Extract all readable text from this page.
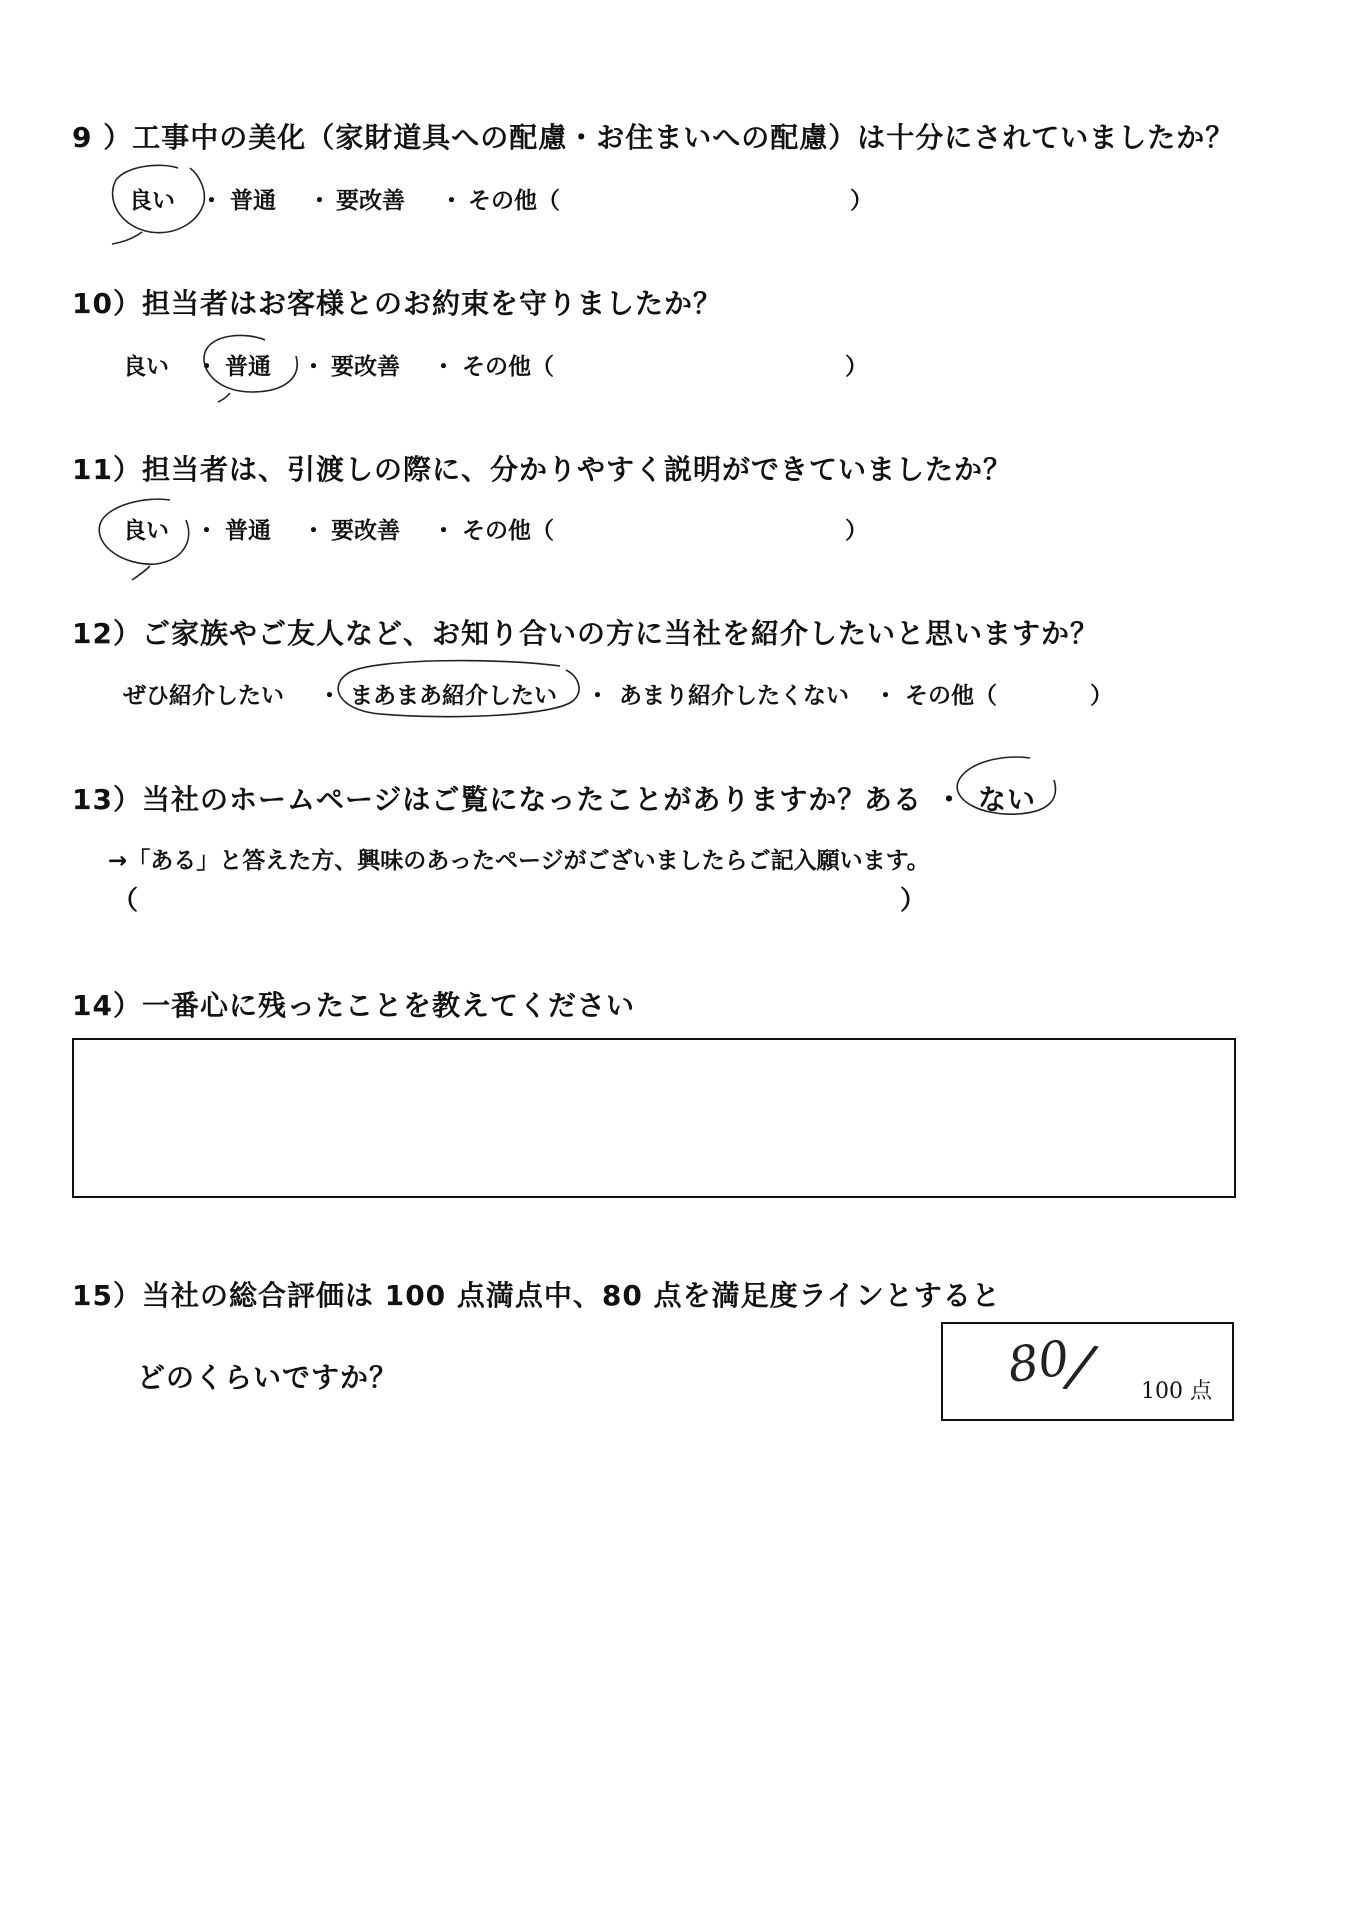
9 ）工事中の美化（家財道具への配慮・お住まいへの配慮）は十分にされていましたか？
良い ・ 普通 ・ 要改善 ・ その他（	）
10）担当者はお客様とのお約束を守りましたか？
良い ・ 普通 ・ 要改善 ・ その他（	）
11）担当者は、引渡しの際に、分かりやすく説明ができていましたか？
良い ・ 普通 ・ 要改善 ・ その他（	）
12）ご家族やご友人など、お知り合いの方に当社を紹介したいと思いますか？
ぜひ紹介したい ・ まあまあ紹介したい ・ あまり紹介したくない ・ その他（	）
13）当社のホームページはご覧になったことがありますか？
ある ・ ない
→「ある」と答えた方、興味のあったページがございましたらご記入願います。
（	）
14）一番心に残ったことを教えてください
15）当社の総合評価は 100 点満点中、80 点を満足度ラインとすると
どのくらいですか？	80
/ 100 点
